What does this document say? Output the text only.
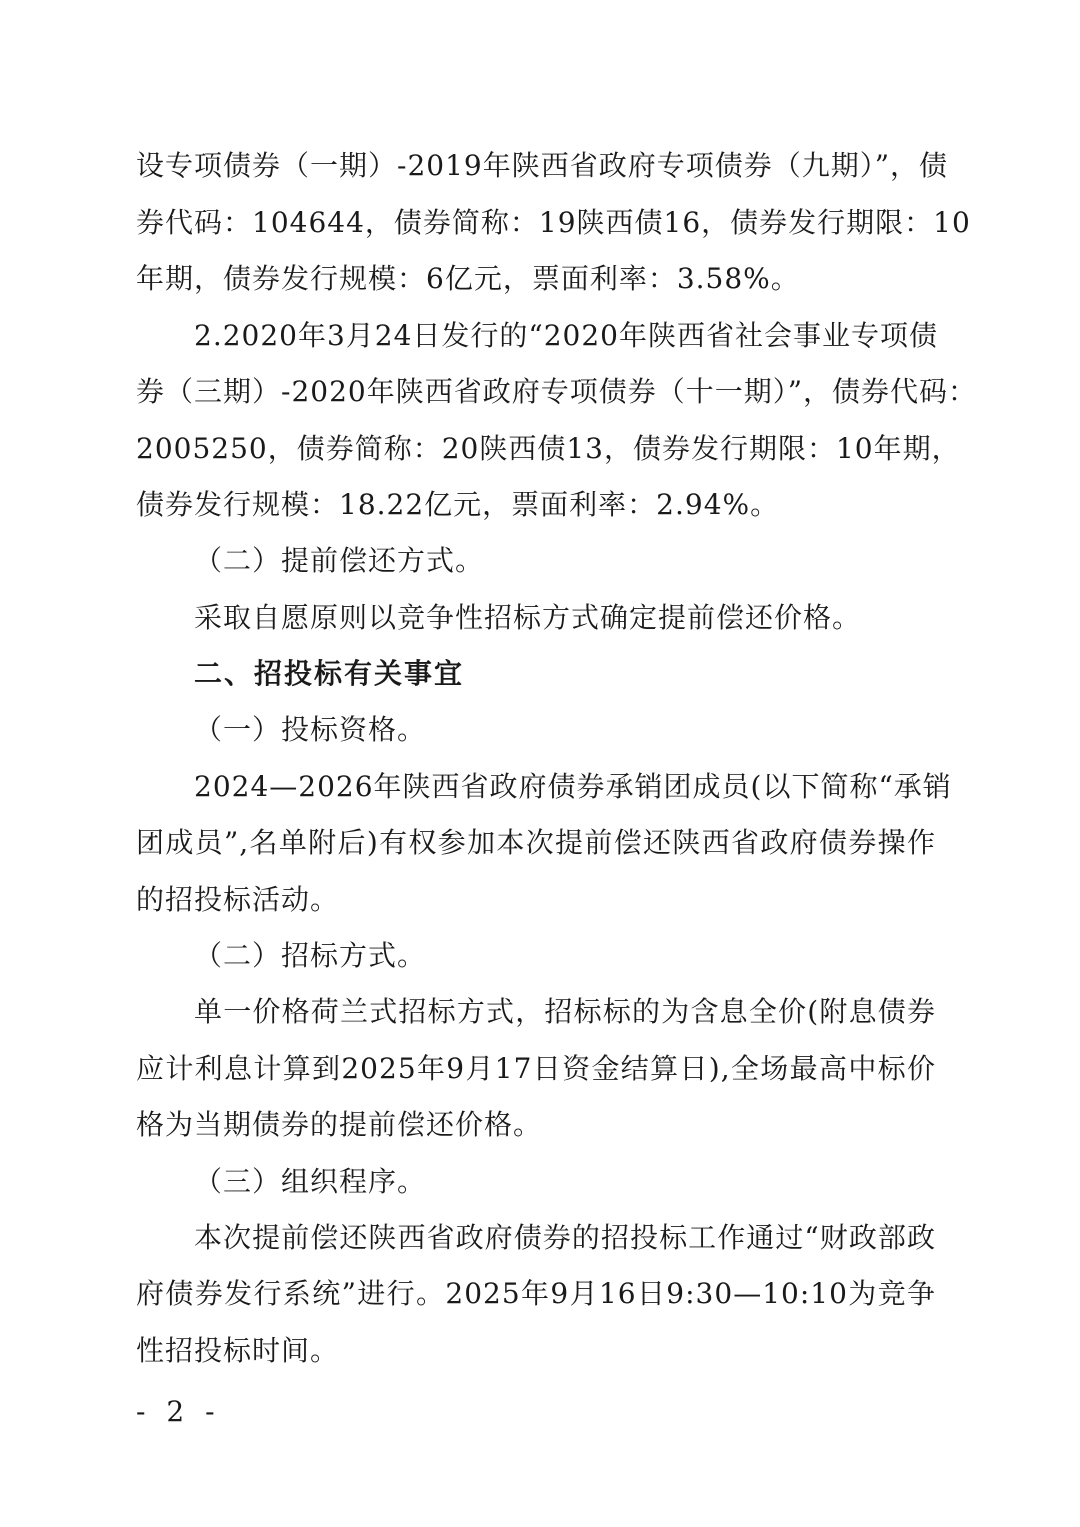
设专项债券（一期）-2019年陕西省政府专项债券（九期）”，债
券代码：104644，债券简称：19陕西债16，债券发行期限：10
年期，债券发行规模：6亿元，票面利率：3.58%。
2.2020年3月24日发行的“2020年陕西省社会事业专项债
券（三期）-2020年陕西省政府专项债券（十一期）”，债券代码：
2005250，债券简称：20陕西债13，债券发行期限：10年期，
债券发行规模：18.22亿元，票面利率：2.94%。
（二）提前偿还方式。
采取自愿原则以竞争性招标方式确定提前偿还价格。
二、招投标有关事宜
（一）投标资格。
2024—2026年陕西省政府债券承销团成员(以下简称“承销
团成员”,名单附后)有权参加本次提前偿还陕西省政府债券操作
的招投标活动。
（二）招标方式。
单一价格荷兰式招标方式，招标标的为含息全价(附息债券
应计利息计算到2025年9月17日资金结算日),全场最高中标价
格为当期债券的提前偿还价格。
（三）组织程序。
本次提前偿还陕西省政府债券的招投标工作通过“财政部政
府债券发行系统”进行。2025年9月16日9:30—10:10为竞争
性招投标时间。
- 2 -
